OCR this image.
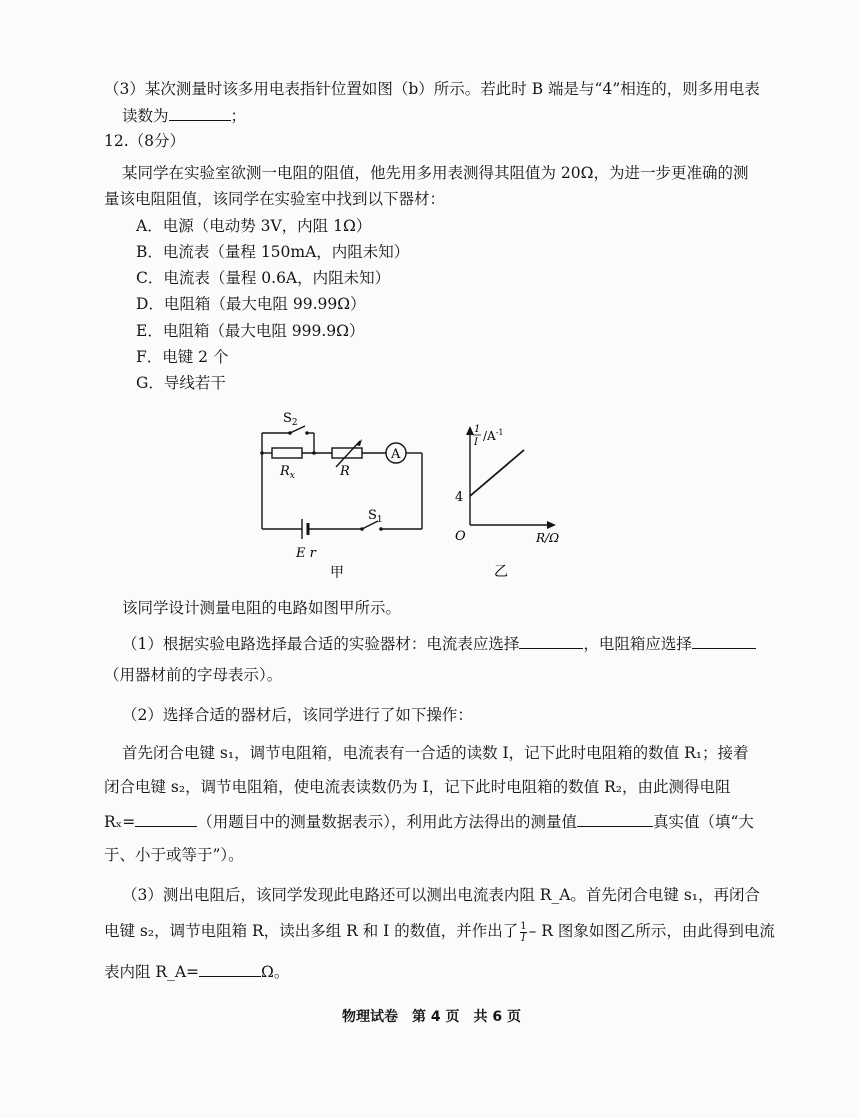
（3）某次测量时该多用电表指针位置如图（b）所示。若此时 B 端是与“4”相连的，则多用电表
读数为	；
12.（8分）
某同学在实验室欲测一电阻的阻值，他先用多用表测得其阻值为 20Ω，为进一步更准确的测
量该电阻阻值，该同学在实验室中找到以下器材：
A．电源（电动势 3V，内阻 1Ω）
B．电流表（量程 150mA，内阻未知）
C．电流表（量程 0.6A，内阻未知）
D．电阻箱（最大电阻 99.99Ω）
E．电阻箱（最大电阻 999.9Ω）
F．电键 2 个
G．导线若干
$S_2$
$R_x$	R
A
$S_1$
E r
甲
1
I $/A^{-1}$
4
O	R/Ω
乙
该同学设计测量电阻的电路如图甲所示。
（1）根据实验电路选择最合适的实验器材：电流表应选择	，电阻箱应选择
（用器材前的字母表示）。
（2）选择合适的器材后，该同学进行了如下操作：
首先闭合电键 s₁，调节电阻箱，电流表有一合适的读数 I，记下此时电阻箱的数值 R₁；接着
闭合电键 s₂，调节电阻箱，使电流表读数仍为 I，记下此时电阻箱的数值 R₂，由此测得电阻
Rₓ=	（用题目中的测量数据表示），利用此方法得出的测量值	真实值（填“大
于、小于或等于”）。
（3）测出电阻后，该同学发现此电路还可以测出电流表内阻 R_A。首先闭合电键 s₁，再闭合
电键 s₂，调节电阻箱 R，读出多组 R 和 I 的数值，并作出了 $\frac{1}{I}$ – R 图象如图乙所示，由此得到电流
表内阻 R_A=	Ω。
物理试卷　第 4 页　共 6 页
